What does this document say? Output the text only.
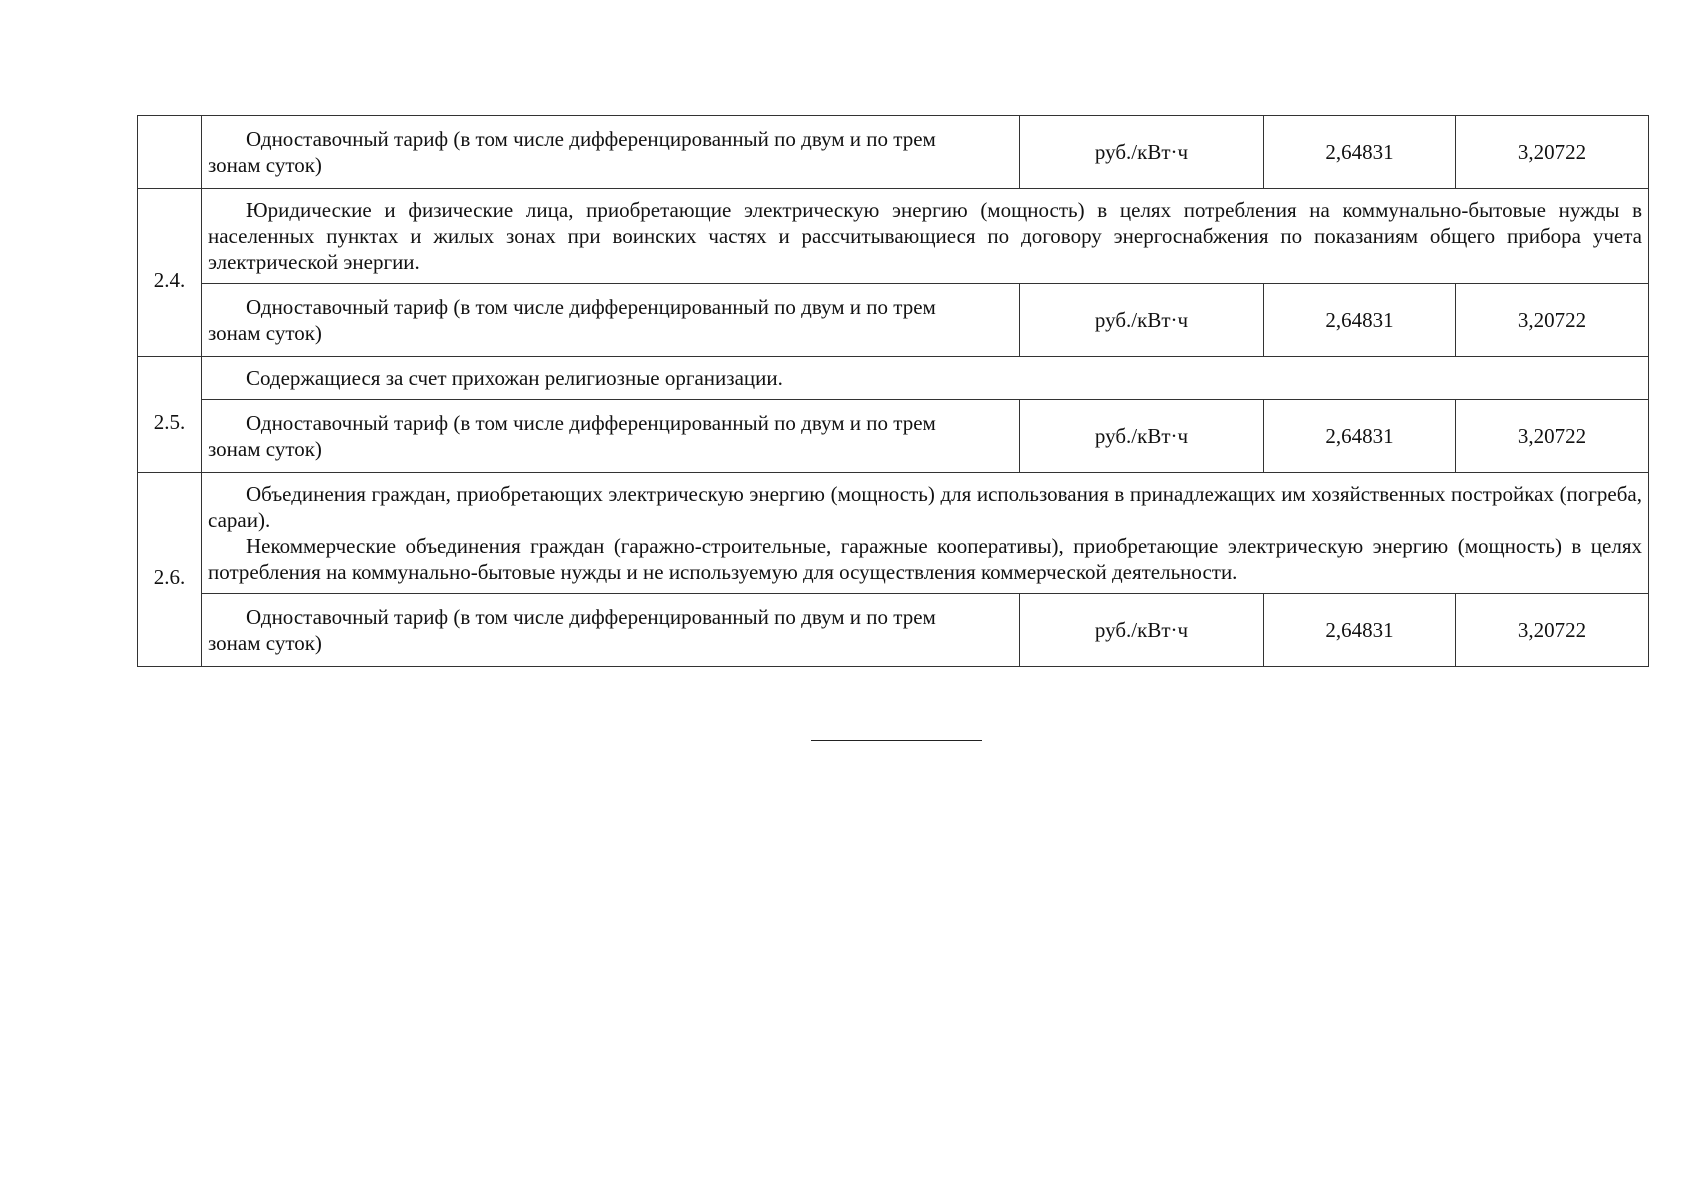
	Одноставочный тариф (в том числе дифференцированный по двум и по трем зонам суток)	руб./кВт·ч	2,64831	3,20722
2.4.	Юридические и физические лица, приобретающие электрическую энергию (мощность) в целях потребления на коммунально-бытовые нужды в населенных пунктах и жилых зонах при воинских частях и рассчитывающиеся по договору энергоснабжения по показаниям общего прибора учета электрической энергии.			

	Одноставочный тариф (в том числе дифференцированный по двум и по трем зонам суток)	руб./кВт·ч	2,64831	3,20722
2.5.	Содержащиеся за счет прихожан религиозные организации.			

	Одноставочный тариф (в том числе дифференцированный по двум и по трем зонам суток)	руб./кВт·ч	2,64831	3,20722
2.6.	Объединения граждан, приобретающих электрическую энергию (мощность) для использования в принадлежащих им хозяйственных постройках (погреба, сараи).

Некоммерческие объединения граждан (гаражно-строительные, гаражные кооперативы), приобретающие электрическую энергию (мощность) в целях потребления на коммунально-бытовые нужды и не используемую для осуществления коммерческой деятельности.			

	Одноставочный тариф (в том числе дифференцированный по двум и по трем зонам суток)	руб./кВт·ч	2,64831	3,20722
